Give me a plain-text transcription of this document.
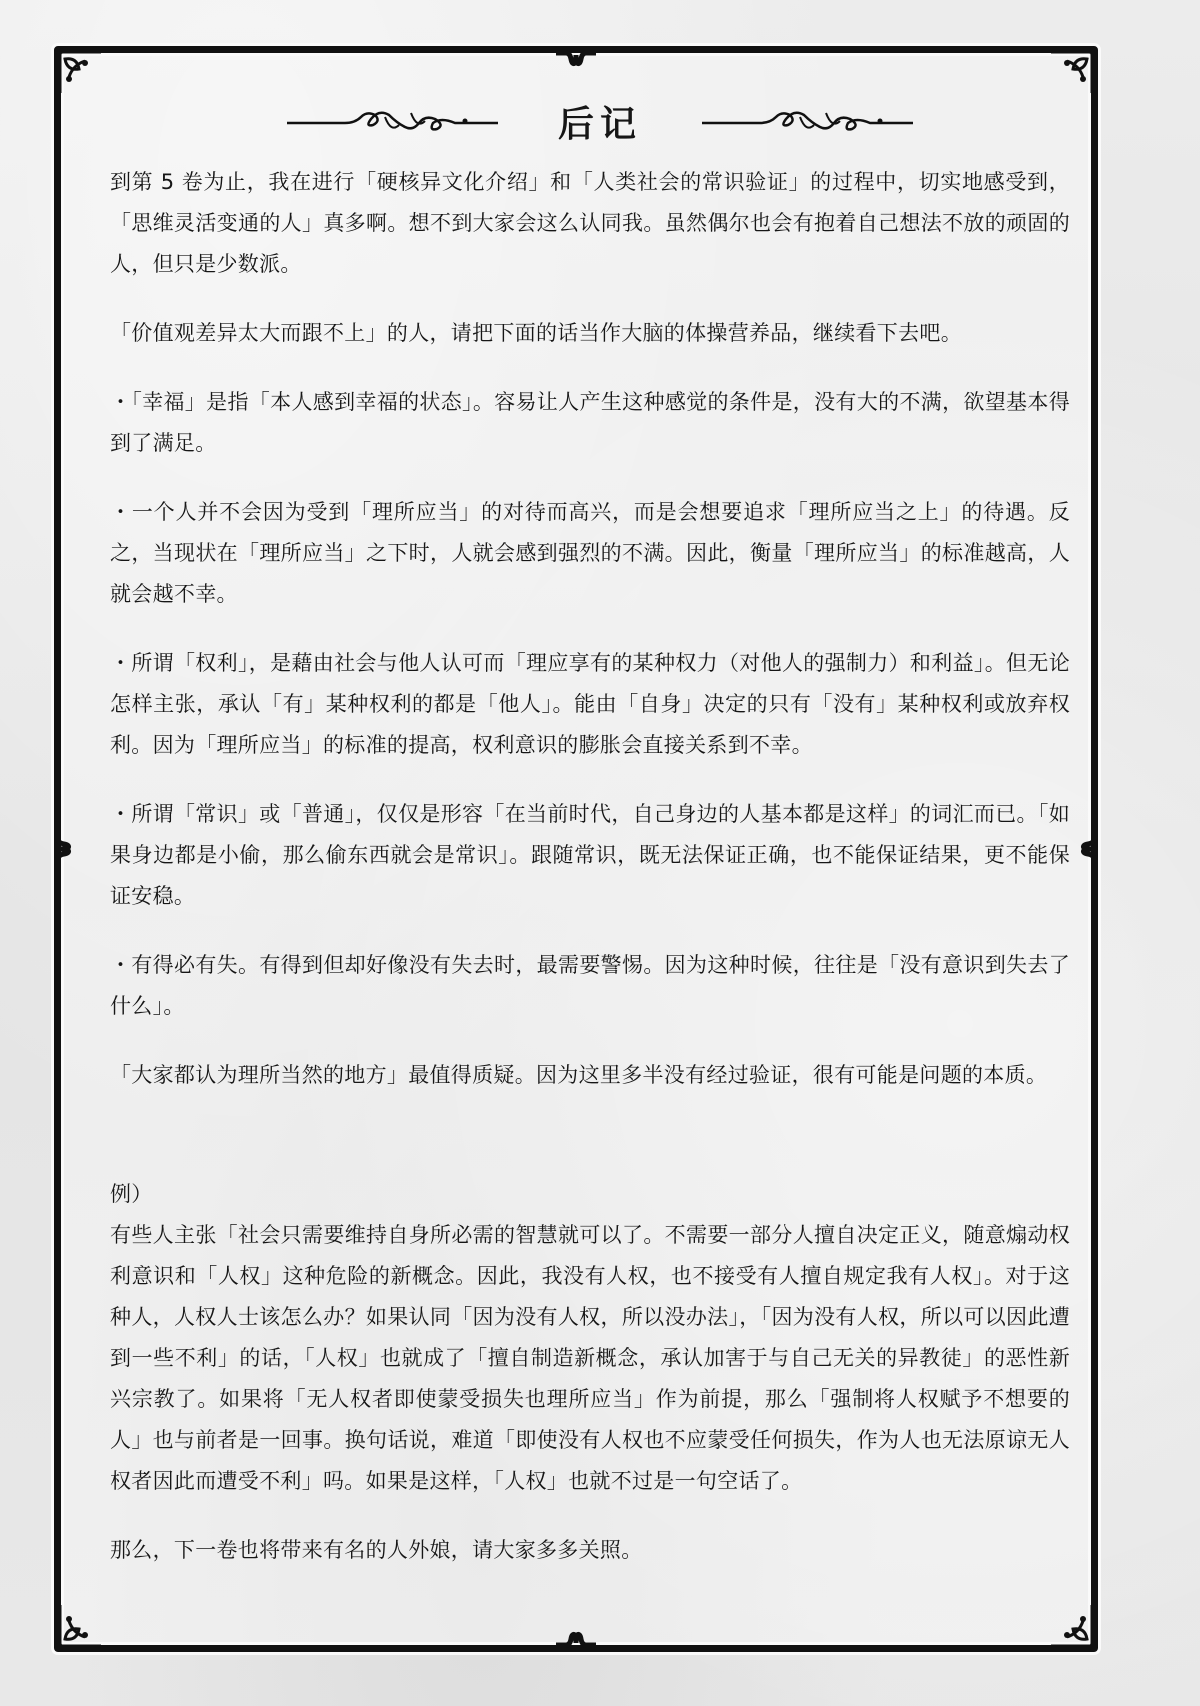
后记

到第 5 卷为止，我在进行「硬核异文化介绍」和「人类社会的常识验证」的过程中，切实地感受到，「思维灵活变通的人」真多啊。想不到大家会这么认同我。虽然偶尔也会有抱着自己想法不放的顽固的人，但只是少数派。

「价值观差异太大而跟不上」的人，请把下面的话当作大脑的体操营养品，继续看下去吧。

・「幸福」是指「本人感到幸福的状态」。容易让人产生这种感觉的条件是，没有大的不满，欲望基本得到了满足。

・一个人并不会因为受到「理所应当」的对待而高兴，而是会想要追求「理所应当之上」的待遇。反之，当现状在「理所应当」之下时，人就会感到强烈的不满。因此，衡量「理所应当」的标准越高，人就会越不幸。

・所谓「权利」，是藉由社会与他人认可而「理应享有的某种权力（对他人的强制力）和利益」。但无论怎样主张，承认「有」某种权利的都是「他人」。能由「自身」决定的只有「没有」某种权利或放弃权利。因为「理所应当」的标准的提高，权利意识的膨胀会直接关系到不幸。

・所谓「常识」或「普通」，仅仅是形容「在当前时代，自己身边的人基本都是这样」的词汇而已。「如果身边都是小偷，那么偷东西就会是常识」。跟随常识，既无法保证正确，也不能保证结果，更不能保证安稳。

・有得必有失。有得到但却好像没有失去时，最需要警惕。因为这种时候，往往是「没有意识到失去了什么」。

「大家都认为理所当然的地方」最值得质疑。因为这里多半没有经过验证，很有可能是问题的本质。

例）

有些人主张「社会只需要维持自身所必需的智慧就可以了。不需要一部分人擅自决定正义，随意煽动权利意识和「人权」这种危险的新概念。因此，我没有人权，也不接受有人擅自规定我有人权」。对于这种人，人权人士该怎么办？如果认同「因为没有人权，所以没办法」，「因为没有人权，所以可以因此遭到一些不利」的话，「人权」也就成了「擅自制造新概念，承认加害于与自己无关的异教徒」的恶性新兴宗教了。如果将「无人权者即使蒙受损失也理所应当」作为前提，那么「强制将人权赋予不想要的人」也与前者是一回事。换句话说，难道「即使没有人权也不应蒙受任何损失，作为人也无法原谅无人权者因此而遭受不利」吗。如果是这样，「人权」也就不过是一句空话了。

那么，下一卷也将带来有名的人外娘，请大家多多关照。
